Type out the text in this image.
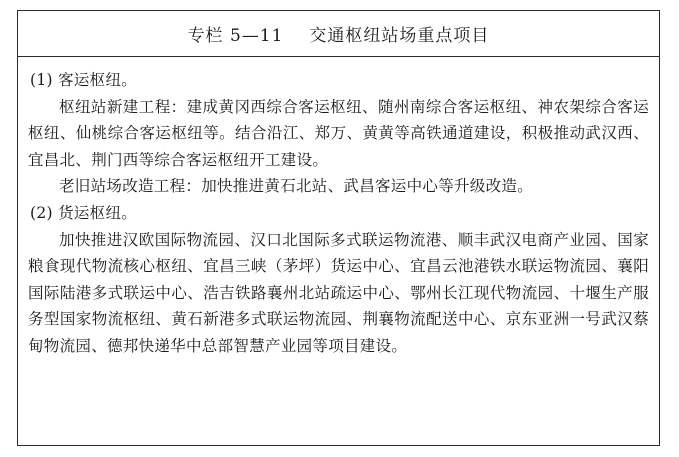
专栏 5—11 交通枢纽站场重点项目

(1) 客运枢纽。

枢纽站新建工程：建成黄冈西综合客运枢纽、随州南综合客运枢纽、神农架综合客运枢纽、仙桃综合客运枢纽等。结合沿江、郑万、黄黄等高铁通道建设，积极推动武汉西、宜昌北、荆门西等综合客运枢纽开工建设。

老旧站场改造工程：加快推进黄石北站、武昌客运中心等升级改造。

(2) 货运枢纽。

加快推进汉欧国际物流园、汉口北国际多式联运物流港、顺丰武汉电商产业园、国家粮食现代物流核心枢纽、宜昌三峡（茅坪）货运中心、宜昌云池港铁水联运物流园、襄阳国际陆港多式联运中心、浩吉铁路襄州北站疏运中心、鄂州长江现代物流园、十堰生产服务型国家物流枢纽、黄石新港多式联运物流园、荆襄物流配送中心、京东亚洲一号武汉蔡甸物流园、德邦快递华中总部智慧产业园等项目建设。
